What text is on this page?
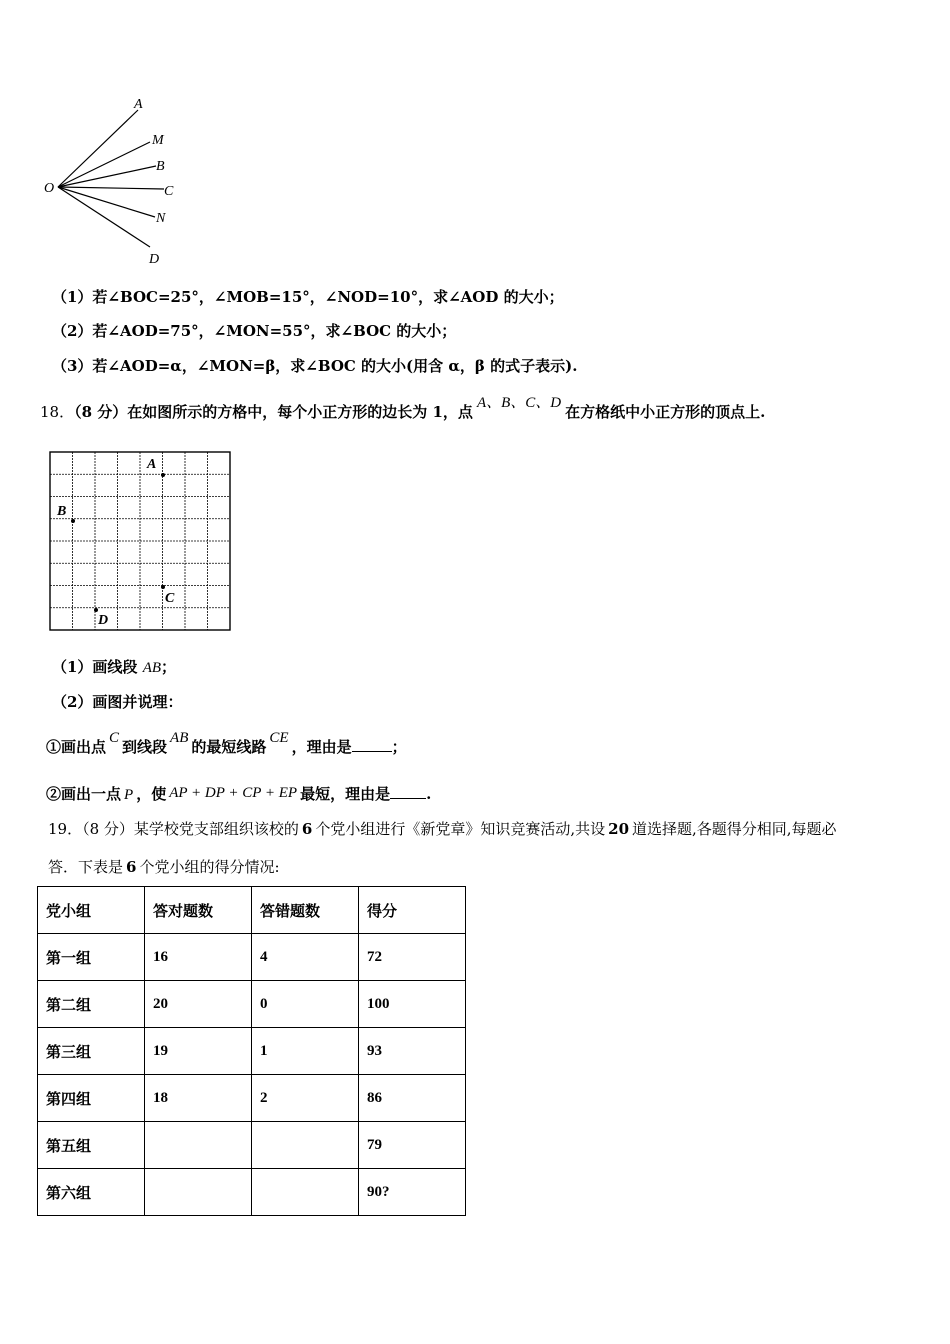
A
M
B
C
N
D
O
（1）若∠BOC=25°，∠MOB=15°，∠NOD=10°，求∠AOD 的大小；
（2）若∠AOD=75°，∠MON=55°，求∠BOC 的大小；
（3）若∠AOD=α，∠MON=β，求∠BOC 的大小(用含 α，β 的式子表示).
18．（8 分）在如图所示的方格中，每个小正方形的边长为 1，点 A、B、C、D 在方格纸中小正方形的顶点上.
A
B
C
D
（1）画线段 AB；
（2）画图并说理：
①画出点 C 到线段 AB 的最短线路 CE ，理由是	；
②画出一点 P ，使 AP + DP + CP + EP 最短，理由是 .
19．（8 分）某学校党支部组织该校的 6 个党小组进行《新党章》知识竞赛活动,共设 20 道选择题,各题得分相同,每题必
答．下表是 6 个党小组的得分情况:
党小组	答对题数	答错题数	得分
第一组	16	4	72
第二组	20	0	100
第三组	19	1	93
第四组	18	2	86
第五组			79
第六组			90?
